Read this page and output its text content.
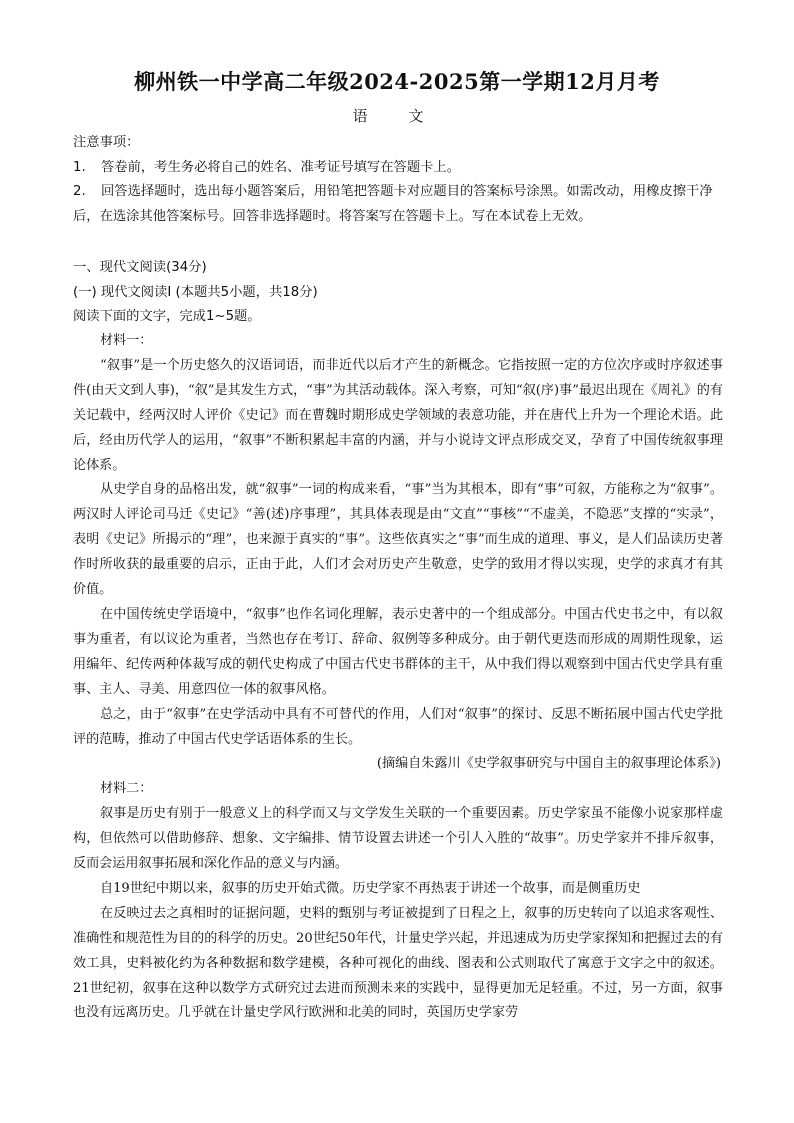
柳州铁一中学高二年级2024-2025第一学期12月月考
语 文

注意事项：

1. 答卷前，考生务必将自己的姓名、准考证号填写在答题卡上。

2. 回答选择题时，选出每小题答案后，用铅笔把答题卡对应题目的答案标号涂黑。如需改动，用橡皮擦干净后，在选涂其他答案标号。回答非选择题时。将答案写在答题卡上。写在本试卷上无效。

一、现代文阅读(34分)

(一) 现代文阅读Ⅰ (本题共5小题，共18分)

阅读下面的文字，完成1~5题。

材料一：

“叙事”是一个历史悠久的汉语词语，而非近代以后才产生的新概念。它指按照一定的方位次序或时序叙述事件(由天文到人事)，“叙”是其发生方式，“事”为其活动载体。深入考察，可知“叙(序)事”最迟出现在《周礼》的有关记载中，经两汉时人评价《史记》而在曹魏时期形成史学领域的表意功能，并在唐代上升为一个理论术语。此后，经由历代学人的运用，“叙事”不断积累起丰富的内涵，并与小说诗文评点形成交叉，孕育了中国传统叙事理论体系。

从史学自身的品格出发，就“叙事”一词的构成来看，“事”当为其根本，即有“事”可叙，方能称之为“叙事”。两汉时人评论司马迁《史记》“善(述)序事理”，其具体表现是由“文直”“事核”“不虚美，不隐恶”支撑的“实录”，表明《史记》所揭示的“理”，也来源于真实的“事”。这些依真实之“事”而生成的道理、事义，是人们品读历史著作时所收获的最重要的启示，正由于此，人们才会对历史产生敬意，史学的致用才得以实现，史学的求真才有其价值。

在中国传统史学语境中，“叙事”也作名词化理解，表示史著中的一个组成部分。中国古代史书之中，有以叙事为重者，有以议论为重者，当然也存在考订、辞命、叙例等多种成分。由于朝代更迭而形成的周期性现象，运用编年、纪传两种体裁写成的朝代史构成了中国古代史书群体的主干，从中我们得以观察到中国古代史学具有重事、主人、寻美、用意四位一体的叙事风格。

总之，由于“叙事”在史学活动中具有不可替代的作用，人们对“叙事”的探讨、反思不断拓展中国古代史学批评的范畴，推动了中国古代史学话语体系的生长。

(摘编自朱露川《史学叙事研究与中国自主的叙事理论体系》)

材料二：

叙事是历史有别于一般意义上的科学而又与文学发生关联的一个重要因素。历史学家虽不能像小说家那样虚构，但依然可以借助修辞、想象、文字编排、情节设置去讲述一个引人入胜的“故事”。历史学家并不排斥叙事，反而会运用叙事拓展和深化作品的意义与内涵。

自19世纪中期以来，叙事的历史开始式微。历史学家不再热衷于讲述一个故事，而是侧重历史

在反映过去之真相时的证据问题，史料的甄别与考证被提到了日程之上，叙事的历史转向了以追求客观性、准确性和规范性为目的的科学的历史。20世纪50年代，计量史学兴起，并迅速成为历史学家探知和把握过去的有效工具，史料被化约为各种数据和数学建模，各种可视化的曲线、图表和公式则取代了寓意于文字之中的叙述。21世纪初，叙事在这种以数学方式研究过去进而预测未来的实践中，显得更加无足轻重。不过，另一方面，叙事也没有远离历史。几乎就在计量史学风行欧洲和北美的同时，英国历史学家劳
